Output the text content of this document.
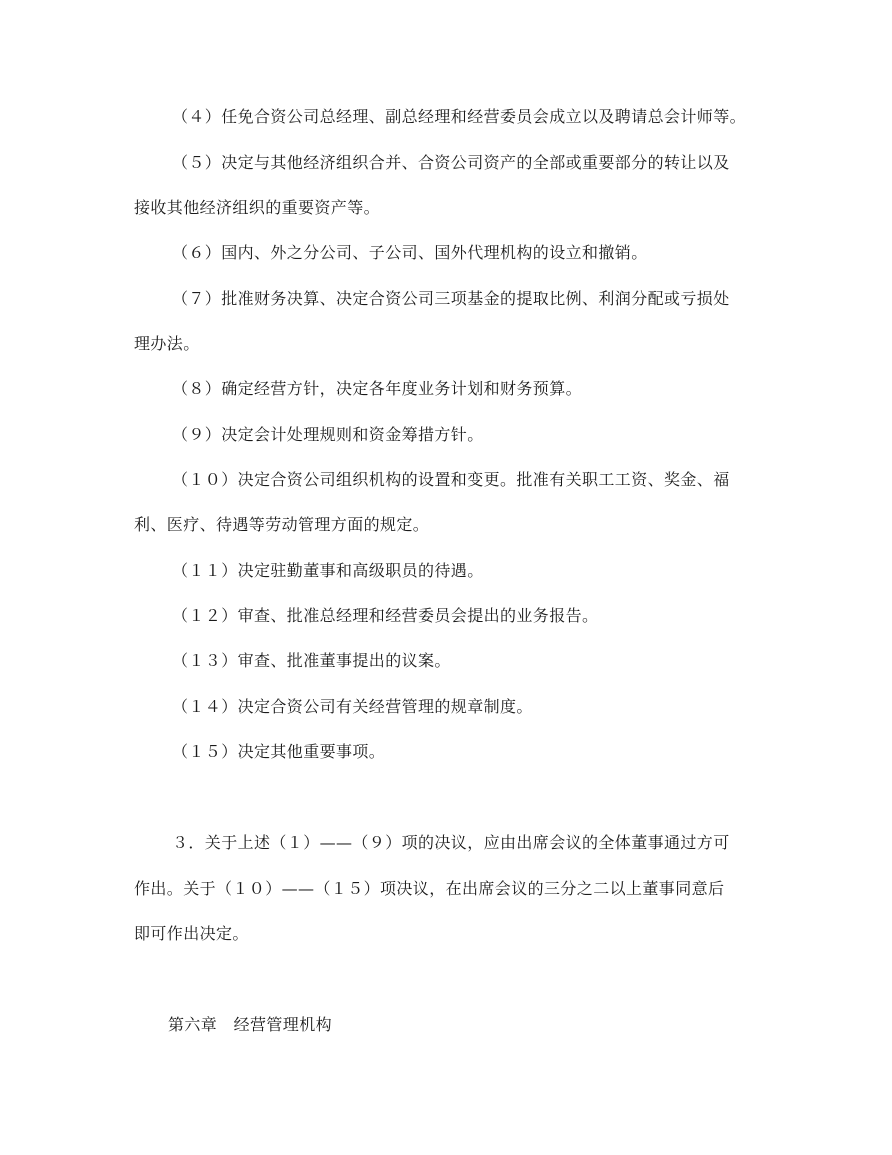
（４）任免合资公司总经理、副总经理和经营委员会成立以及聘请总会计师等。
（５）决定与其他经济组织合并、合资公司资产的全部或重要部分的转让以及
接收其他经济组织的重要资产等。
（６）国内、外之分公司、子公司、国外代理机构的设立和撤销。
（７）批准财务决算、决定合资公司三项基金的提取比例、利润分配或亏损处
理办法。
（８）确定经营方针，决定各年度业务计划和财务预算。
（９）决定会计处理规则和资金筹措方针。
（１０）决定合资公司组织机构的设置和变更。批准有关职工工资、奖金、福
利、医疗、待遇等劳动管理方面的规定。
（１１）决定驻勤董事和高级职员的待遇。
（１２）审查、批准总经理和经营委员会提出的业务报告。
（１３）审查、批准董事提出的议案。
（１４）决定合资公司有关经营管理的规章制度。
（１５）决定其他重要事项。
３．关于上述（１）——（９）项的决议，应由出席会议的全体董事通过方可
作出。关于（１０）——（１５）项决议，在出席会议的三分之二以上董事同意后
即可作出决定。
第六章　经营管理机构
